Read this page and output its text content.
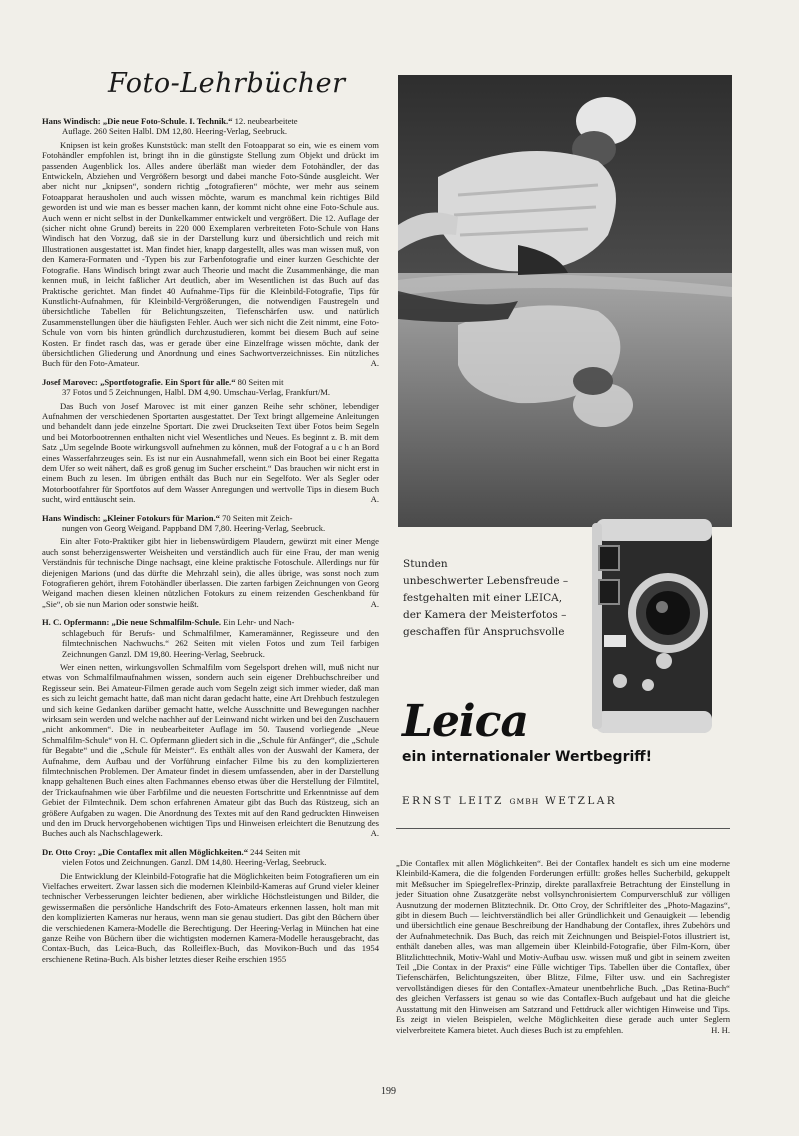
Foto-Lehrbücher

Hans Windisch: „Die neue Foto-Schule. I. Technik.“ 12. neubearbeitete
Auflage. 260 Seiten Halbl. DM 12,80. Heering-Verlag, Seebruck.

Knipsen ist kein großes Kunststück: man stellt den Fotoapparat so ein, wie es einem vom Fotohändler empfohlen ist, bringt ihn in die günstigste Stellung zum Objekt und drückt im passenden Augenblick los. Alles andere überläßt man wieder dem Fotohändler, der das Entwickeln, Abziehen und Vergrößern besorgt und dabei manche Foto-Sünde ausgleicht. Wer aber nicht nur „knipsen“, sondern richtig „fotografieren“ möchte, wer mehr aus seinem Fotoapparat herausholen und auch wissen möchte, warum es manchmal kein richtiges Bild geworden ist und wie man es besser machen kann, der kommt nicht ohne eine Foto-Schule aus. Auch wenn er nicht selbst in der Dunkelkammer entwickelt und vergrößert. Die 12. Auflage der (sicher nicht ohne Grund) bereits in 220 000 Exemplaren verbreiteten Foto-Schule von Hans Windisch hat den Vorzug, daß sie in der Darstellung kurz und übersichtlich und reich mit Illustrationen ausgestattet ist. Man findet hier, knapp dargestellt, alles was man wissen muß, von den Kamera-Formaten und -Typen bis zur Farbenfotografie und einer kurzen Geschichte der Fotografie. Hans Windisch bringt zwar auch Theorie und macht die Zusammenhänge, die man kennen muß, in leicht faßlicher Art deutlich, aber im Wesentlichen ist das Buch auf das Praktische gerichtet. Man findet 40 Aufnahme-Tips für die Kleinbild-Fotografie, Tips für Kunstlicht-Aufnahmen, für Kleinbild-Vergrößerungen, die notwendigen Faustregeln und übersichtliche Tabellen für Belichtungszeiten, Tiefenschärfen usw. und natürlich Zusammenstellungen über die häufigsten Fehler. Auch wer sich nicht die Zeit nimmt, eine Foto-Schule von vorn bis hinten gründlich durchzustudieren, kommt bei diesem Buch auf seine Kosten. Er findet rasch das, was er gerade über eine Einzelfrage wissen möchte, dank der übersichtlichen Gliederung und Anordnung und eines Sachwortverzeichnisses. Ein nützliches Buch für den Foto-Amateur.	A.

Josef Marovec: „Sportfotografie. Ein Sport für alle.“ 80 Seiten mit
37 Fotos und 5 Zeichnungen, Halbl. DM 4,90. Umschau-Verlag, Frankfurt/M.

Das Buch von Josef Marovec ist mit einer ganzen Reihe sehr schöner, lebendiger Aufnahmen der verschiedenen Sportarten ausgestattet. Der Text bringt allgemeine Anleitungen und behandelt dann jede einzelne Sportart. Die zwei Druckseiten Text über Fotos beim Segeln und bei Motorbootrennen enthalten nicht viel Wesentliches und Neues. Es beginnt z. B. mit dem Satz „Um segelnde Boote wirkungsvoll aufnehmen zu können, muß der Fotograf a u c h an Bord eines Wasserfahrzeuges sein. Es ist nur ein Ausnahmefall, wenn sich ein Boot bei einer Regatta dem Ufer so weit nähert, daß es groß genug im Sucher erscheint.“ Das brauchen wir nicht erst in einem Buch zu lesen. Im übrigen enthält das Buch nur ein Segelfoto. Wer als Segler oder Motorbootfahrer für Sportfotos auf dem Wasser Anregungen und wertvolle Tips in diesem Buch sucht, wird enttäuscht sein.	A.

Hans Windisch: „Kleiner Fotokurs für Marion.“ 70 Seiten mit Zeich-
nungen von Georg Weigand. Pappband DM 7,80. Heering-Verlag, Seebruck.

Ein alter Foto-Praktiker gibt hier in liebenswürdigem Plaudern, gewürzt mit einer Menge auch sonst beherzigenswerter Weisheiten und verständlich auch für eine Frau, der man wenig Verständnis für technische Dinge nachsagt, eine kleine praktische Fotoschule. Allerdings nur für diejenigen Marions (und das dürfte die Mehrzahl sein), die alles übrige, was sonst noch zum Fotografieren gehört, ihrem Fotohändler überlassen. Die zarten farbigen Zeichnungen von Georg Weigand machen diesen kleinen nützlichen Fotokurs zu einem reizenden Geschenkband für „Sie“, ob sie nun Marion oder sonstwie heißt.	A.

H. C. Opfermann: „Die neue Schmalfilm-Schule. Ein Lehr- und Nach-
schlagebuch für Berufs- und Schmalfilmer, Kameramänner, Regisseure und den filmtechnischen Nachwuchs.“ 262 Seiten mit vielen Fotos und zum Teil farbigen Zeichnungen Ganzl. DM 19,80. Heering-Verlag, Seebruck.

Wer einen netten, wirkungsvollen Schmalfilm vom Segelsport drehen will, muß nicht nur etwas von Schmalfilmaufnahmen wissen, sondern auch sein eigener Drehbuchschreiber und Regisseur sein. Bei Amateur-Filmen gerade auch vom Segeln zeigt sich immer wieder, daß man es sich zu leicht gemacht hatte, daß man nicht daran gedacht hatte, eine Art Drehbuch festzulegen und sich keine Gedanken darüber gemacht hatte, welche Ausschnitte und Bewegungen nachher wirksam sein werden und welche nachher auf der Leinwand nicht wirken und bei den Zuschauern „nicht ankommen“. Die in neubearbeiteter Auflage im 50. Tausend vorliegende „Neue Schmalfilm-Schule“ von H. C. Opfermann gliedert sich in die „Schule für Anfänger“, die „Schule für Begabte“ und die „Schule für Meister“. Es enthält alles von der Auswahl der Kamera, der Aufnahme, dem Aufbau und der Vorführung einfacher Filme bis zu den komplizierteren filmtechnischen Problemen. Der Amateur findet in diesem umfassenden, aber in der Darstellung knapp gehaltenen Buch eines alten Fachmannes ebenso etwas über die Herstellung der Filmtitel, der Trickaufnahmen wie über Farbfilme und die neuesten Fortschritte und Erkenntnisse auf dem Gebiet der Filmtechnik. Dem schon erfahrenen Amateur gibt das Buch das Rüstzeug, sich an größere Aufgaben zu wagen. Die Anordnung des Textes mit auf den Rand gedruckten Hinweisen und den im Druck hervorgehobenen wichtigen Tips und Hinweisen erleichtert die Benutzung des Buches auch als Nachschlagewerk.	A.

Dr. Otto Croy: „Die Contaflex mit allen Möglichkeiten.“ 244 Seiten mit
vielen Fotos und Zeichnungen. Ganzl. DM 14,80. Heering-Verlag, Seebruck.

Die Entwicklung der Kleinbild-Fotografie hat die Möglichkeiten beim Fotografieren um ein Vielfaches erweitert. Zwar lassen sich die modernen Kleinbild-Kameras auf Grund vieler kleiner technischer Verbesserungen leichter bedienen, aber wirkliche Höchstleistungen und Bilder, die gewissermaßen die persönliche Handschrift des Foto-Amateurs erkennen lassen, holt man mit den komplizierten Kameras nur heraus, wenn man sie genau studiert. Das gibt den Büchern über die verschiedenen Kamera-Modelle die Berechtigung. Der Heering-Verlag in München hat eine ganze Reihe von Büchern über die wichtigsten modernen Kamera-Modelle herausgebracht, das Contax-Buch, das Leica-Buch, das Rolleiflex-Buch, das Movikon-Buch und das 1954 erschienene Retina-Buch. Als bisher letztes dieser Reihe erschien 1955

Stunden
unbeschwerter Lebensfreude –
festgehalten mit einer LEICA,
der Kamera der Meisterfotos –
geschaffen für Anspruchsvolle
Leica
ein internationaler Wertbegriff!
ERNST LEITZ GMBH WETZLAR

„Die Contaflex mit allen Möglichkeiten“. Bei der Contaflex handelt es sich um eine moderne Kleinbild-Kamera, die die folgenden Forderungen erfüllt: großes helles Sucherbild, gekuppelt mit Meßsucher im Spiegelreflex-Prinzip, direkte parallaxfreie Betrachtung der Einstellung in jeder Situation ohne Zusatzgeräte nebst vollsynchronisiertem Compurverschluß zur völligen Ausnutzung der modernen Blitztechnik. Dr. Otto Croy, der Schriftleiter des „Photo-Magazins“, gibt in diesem Buch — leichtverständlich bei aller Gründlichkeit und Genauigkeit — lebendig und übersichtlich eine genaue Beschreibung der Handhabung der Contaflex, ihres Zubehörs und der Aufnahmetechnik. Das Buch, das reich mit Zeichnungen und Beispiel-Fotos illustriert ist, enthält daneben alles, was man allgemein über Kleinbild-Fotografie, über Film-Korn, über Blitzlichttechnik, Motiv-Wahl und Motiv-Aufbau usw. wissen muß und gibt in seinem zweiten Teil „Die Contax in der Praxis“ eine Fülle wichtiger Tips. Tabellen über die Contaflex, über Tiefenschärfen, Belichtungszeiten, über Blitze, Filme, Filter usw. und ein Sachregister vervollständigen dieses für den Contaflex-Amateur unentbehrliche Buch. „Das Retina-Buch“ des gleichen Verfassers ist genau so wie das Contaflex-Buch aufgebaut und hat die gleiche Ausstattung mit den Hinweisen am Satzrand und Fettdruck aller wichtigen Hinweise und Tips. Es zeigt in vielen Beispielen, welche Möglichkeiten diese gerade auch unter Seglern vielverbreitete Kamera bietet. Auch dieses Buch ist zu empfehlen.	H. H.

199
